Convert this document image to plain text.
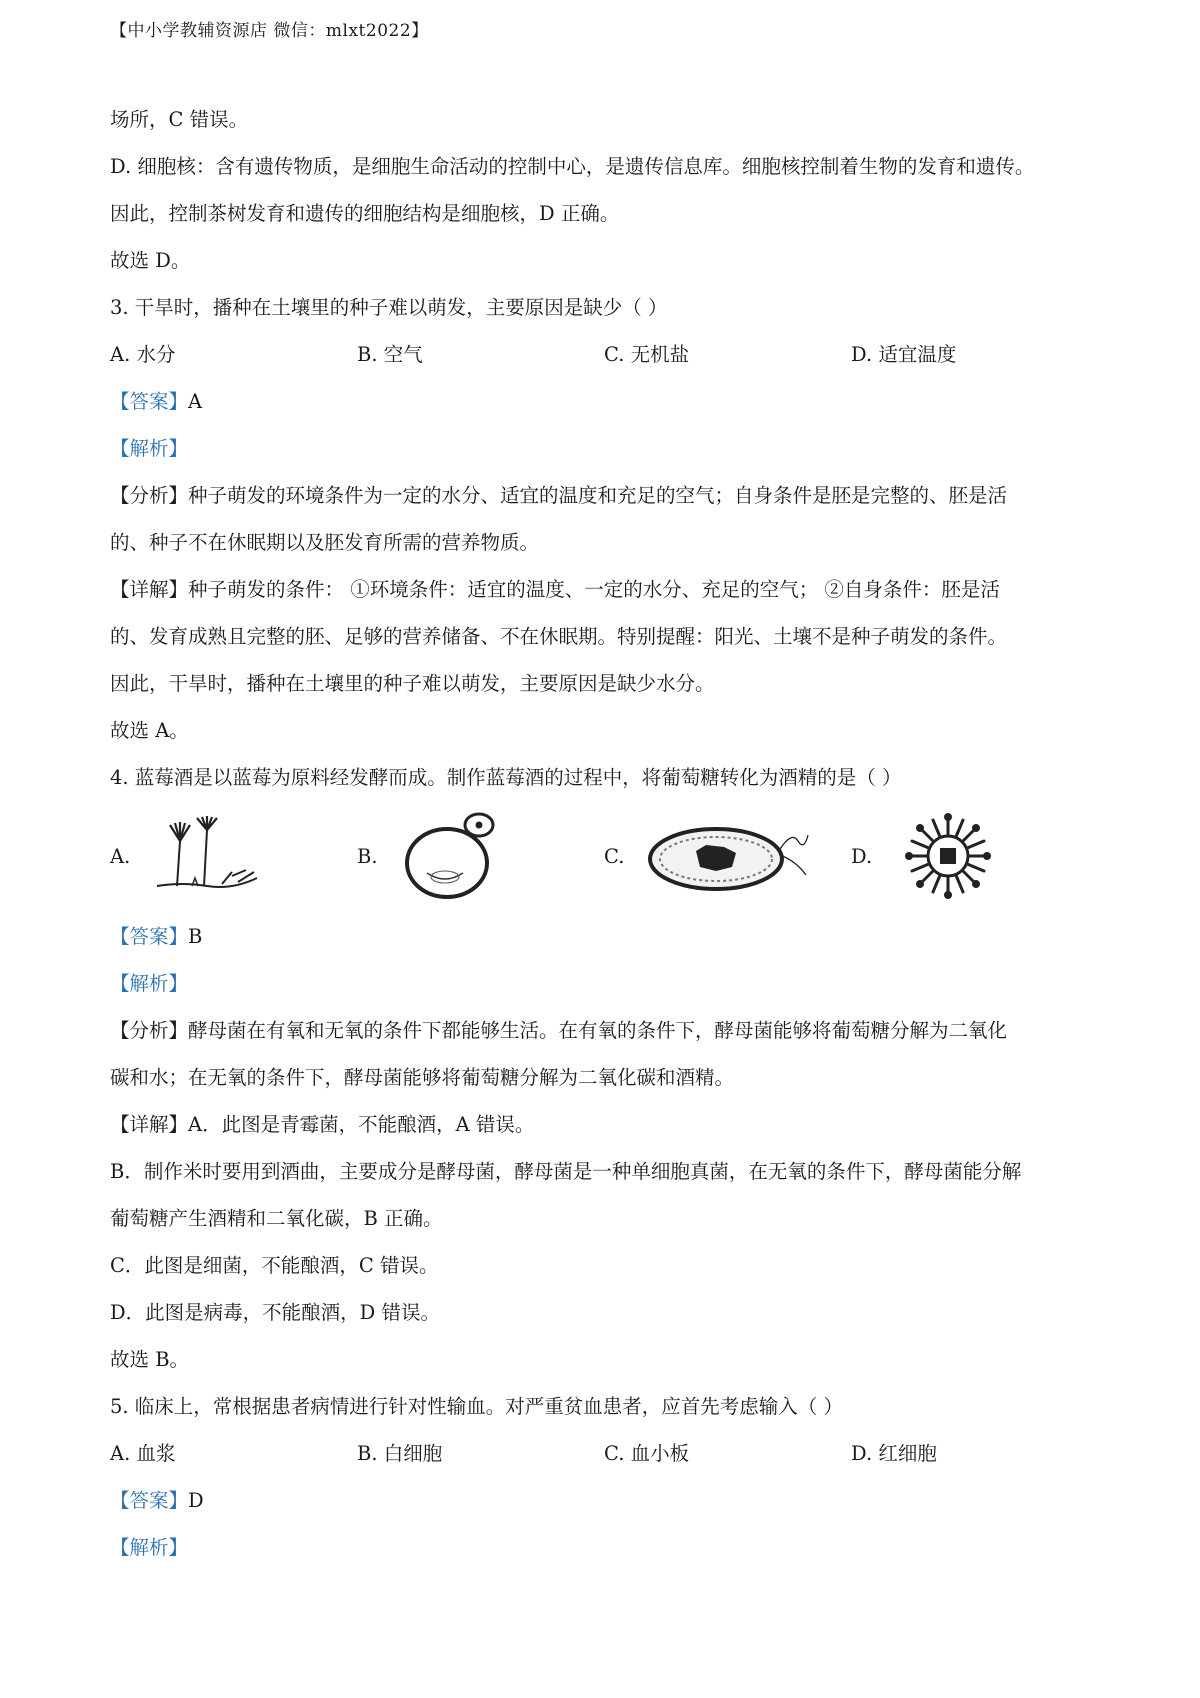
【中小学教辅资源店 微信：mlxt2022】
场所，C 错误。
D. 细胞核：含有遗传物质，是细胞生命活动的控制中心，是遗传信息库。细胞核控制着生物的发育和遗传。
因此，控制茶树发育和遗传的细胞结构是细胞核，D 正确。
故选 D。
3. 干旱时，播种在土壤里的种子难以萌发，主要原因是缺少（ ）
A. 水分	B. 空气	C. 无机盐	D. 适宜温度
【答案】A
【解析】
【分析】种子萌发的环境条件为一定的水分、适宜的温度和充足的空气；自身条件是胚是完整的、胚是活
的、种子不在休眠期以及胚发育所需的营养物质。
【详解】种子萌发的条件： ①环境条件：适宜的温度、一定的水分、充足的空气； ②自身条件：胚是活
的、发育成熟且完整的胚、足够的营养储备、不在休眠期。特别提醒：阳光、土壤不是种子萌发的条件。
因此，干旱时，播种在土壤里的种子难以萌发，主要原因是缺少水分。
故选 A。
4. 蓝莓酒是以蓝莓为原料经发酵而成。制作蓝莓酒的过程中，将葡萄糖转化为酒精的是（ ）
A.	B.	C.	D.
【答案】B
【解析】
【分析】酵母菌在有氧和无氧的条件下都能够生活。在有氧的条件下，酵母菌能够将葡萄糖分解为二氧化
碳和水；在无氧的条件下，酵母菌能够将葡萄糖分解为二氧化碳和酒精。
【详解】A．此图是青霉菌，不能酿酒，A 错误。
B．制作米时要用到酒曲，主要成分是酵母菌，酵母菌是一种单细胞真菌，在无氧的条件下，酵母菌能分解
葡萄糖产生酒精和二氧化碳，B 正确。
C．此图是细菌，不能酿酒，C 错误。
D．此图是病毒，不能酿酒，D 错误。
故选 B。
5. 临床上，常根据患者病情进行针对性输血。对严重贫血患者，应首先考虑输入（ ）
A. 血浆	B. 白细胞	C. 血小板	D. 红细胞
【答案】D
【解析】
